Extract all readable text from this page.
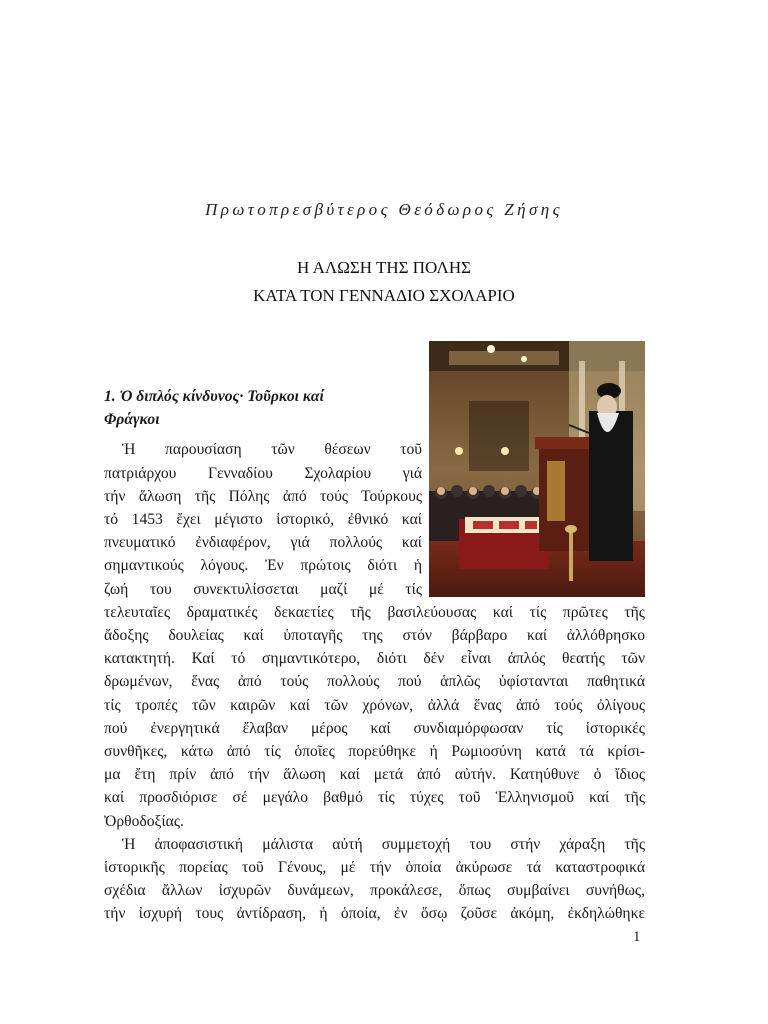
Πρωτοπρεσβύτερος Θεόδωρος Ζήσης
Η ΑΛΩΣΗ ΤΗΣ ΠΟΛΗΣ
ΚΑΤΑ ΤΟΝ ΓΕΝΝΑΔΙΟ ΣΧΟΛΑΡΙΟ
1. Ὁ διπλός κίνδυνος· Τοῦρκοι καί
Φράγκοι

Ἡ παρουσίαση τῶν θέσεων τοῦ
πατριάρχου Γενναδίου Σχολαρίου γιά
τήν ἅλωση τῆς Πόλης ἀπό τούς Τούρκους
τό 1453 ἔχει μέγιστο ἱστορικό, ἐθνικό καί
πνευματικό ἐνδιαφέρον, γιά πολλούς καί
σημαντικούς λόγους. Ἐν πρώτοις διότι ἡ
ζωή του συνεκτυλίσσεται μαζί μέ τίς
τελευταῖες δραματικές δεκαετίες τῆς βασιλεύουσας καί τίς πρῶτες τῆς
ἄδοξης δουλείας καί ὑποταγῆς της στόν βάρβαρο καί ἀλλόθρησκο
κατακτητή. Καί τό σημαντικότερο, διότι δέν εἶναι ἁπλός θεατής τῶν
δρωμένων, ἕνας ἀπό τούς πολλούς πού ἁπλῶς ὑφίστανται παθητικά
τίς τροπές τῶν καιρῶν καί τῶν χρόνων, ἀλλά ἕνας ἀπό τούς ὀλίγους
πού ἐνεργητικά ἔλαβαν μέρος καί συνδιαμόρφωσαν τίς ἱστορικές
συνθῆκες, κάτω ἀπό τίς ὁποῖες πορεύθηκε ἡ Ρωμιοσύνη κατά τά κρίσι-
μα ἔτη πρίν ἀπό τήν ἅλωση καί μετά ἀπό αὐτήν. Κατηύθυνε ὁ ἴδιος
καί προσδιόρισε σέ μεγάλο βαθμό τίς τύχες τοῦ Ἑλληνισμοῦ καί τῆς
Ὀρθοδοξίας.

Ἡ ἀποφασιστική μάλιστα αὐτή συμμετοχή του στήν χάραξη τῆς
ἱστορικῆς πορείας τοῦ Γένους, μέ τήν ὁποία ἀκύρωσε τά καταστροφικά
σχέδια ἄλλων ἰσχυρῶν δυνάμεων, προκάλεσε, ὅπως συμβαίνει συνήθως,
τήν ἰσχυρή τους ἀντίδραση, ἡ ὁποία, ἐν ὅσῳ ζοῦσε ἀκόμη, ἐκδηλώθηκε

1
